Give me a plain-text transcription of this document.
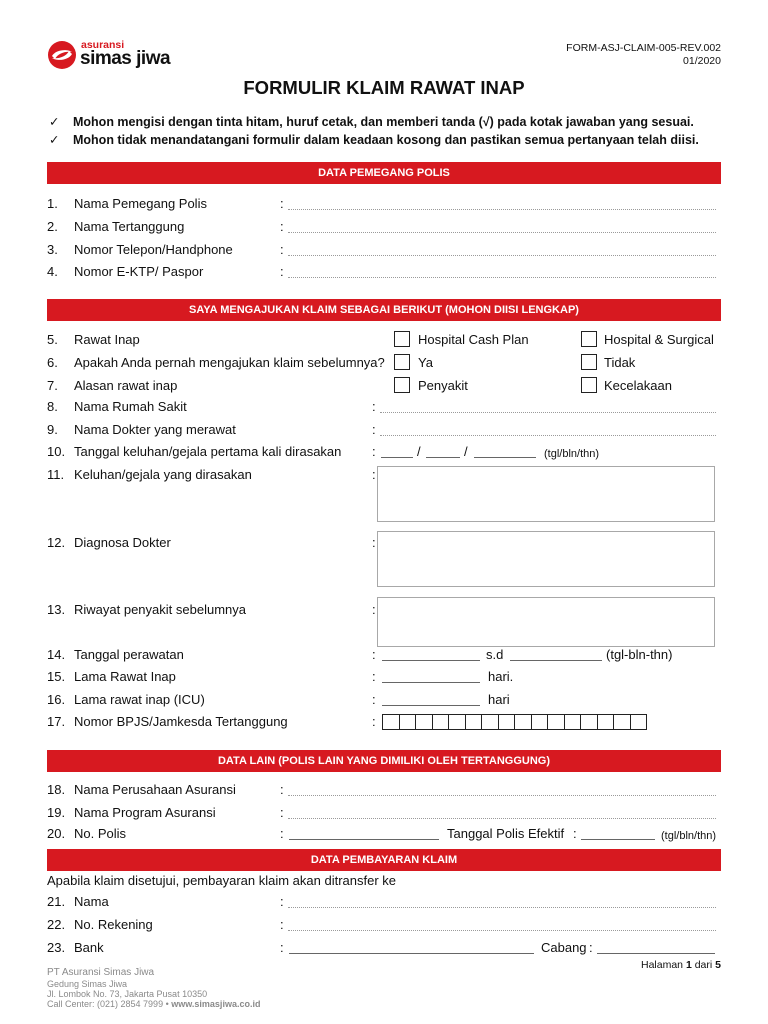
asuransi
simas jiwa	FORM-ASJ-CLAIM-005-REV.002
01/2020
FORMULIR KLAIM RAWAT INAP
✓ Mohon mengisi dengan tinta hitam, huruf cetak, dan memberi tanda (√) pada kotak jawaban yang sesuai.
✓ Mohon tidak menandatangani formulir dalam keadaan kosong dan pastikan semua pertanyaan telah diisi.
DATA PEMEGANG POLIS
1. Nama Pemegang Polis	:
2. Nama Tertanggung	:
3. Nomor Telepon/Handphone	:
4. Nomor E-KTP/ Paspor	:
SAYA MENGAJUKAN KLAIM SEBAGAI BERIKUT (MOHON DIISI LENGKAP)
5. Rawat Inap	Hospital Cash Plan	Hospital & Surgical
6. Apakah Anda pernah mengajukan klaim sebelumnya?	Ya	Tidak
7. Alasan rawat inap	Penyakit	Kecelakaan
8. Nama Rumah Sakit	:
9. Nama Dokter yang merawat	:
10. Tanggal keluhan/gejala pertama kali dirasakan :	/	/	(tgl/bln/thn)
11. Keluhan/gejala yang dirasakan	:
12. Diagnosa Dokter	:
13. Riwayat penyakit sebelumnya	:
14. Tanggal perawatan	:	s.d	(tgl-bln-thn)
15. Lama Rawat Inap	:	hari.
16. Lama rawat inap (ICU)	:	hari
17. Nomor BPJS/Jamkesda Tertanggung	:
DATA LAIN (POLIS LAIN YANG DIMILIKI OLEH TERTANGGUNG)
18. Nama Perusahaan Asuransi	:
19. Nama Program Asuransi	:
20. No. Polis	:	Tanggal Polis Efektif :	(tgl/bln/thn)
DATA PEMBAYARAN KLAIM
Apabila klaim disetujui, pembayaran klaim akan ditransfer ke
21. Nama	:
22. No. Rekening	:
23. Bank	:	Cabang :
Halaman 1 dari 5
PT Asuransi Simas Jiwa
Gedung Simas Jiwa
Jl. Lombok No. 73, Jakarta Pusat 10350
Call Center: (021) 2854 7999 • www.simasjiwa.co.id
